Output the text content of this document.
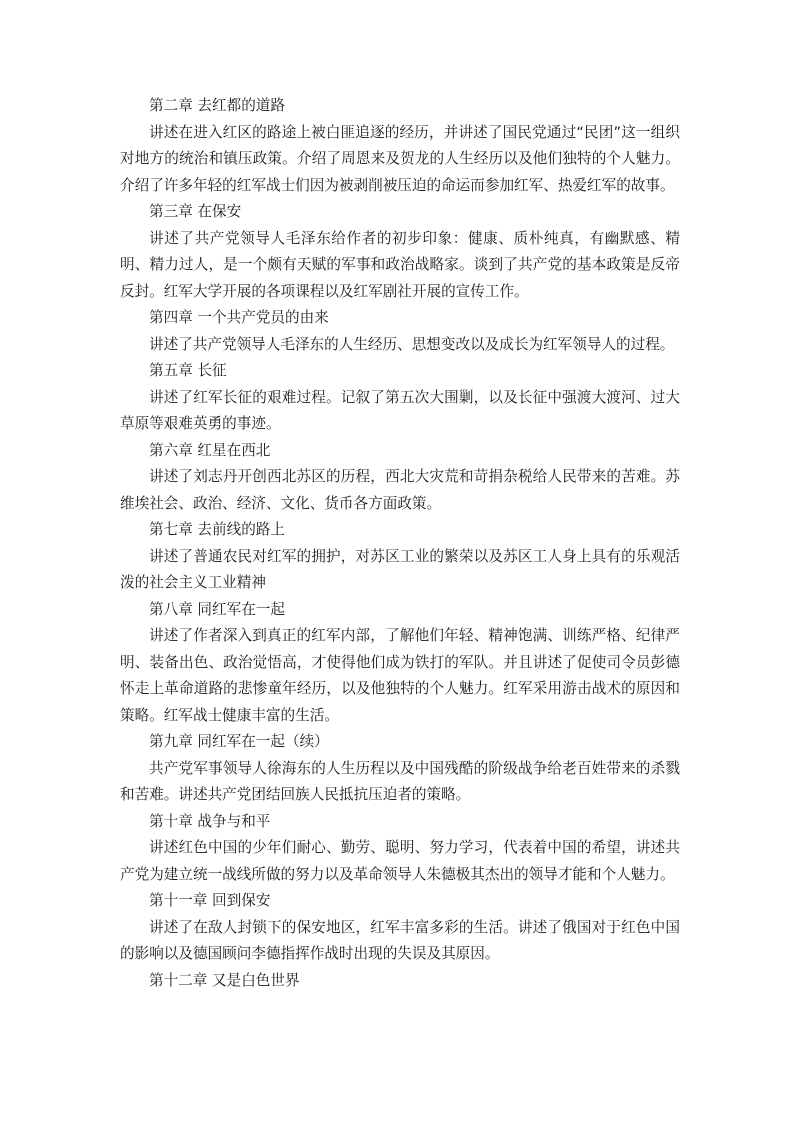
第二章 去红都的道路

讲述在进入红区的路途上被白匪追逐的经历，并讲述了国民党通过“民团”这一组织对地方的统治和镇压政策。介绍了周恩来及贺龙的人生经历以及他们独特的个人魅力。介绍了许多年轻的红军战士们因为被剥削被压迫的命运而参加红军、热爱红军的故事。

第三章 在保安

讲述了共产党领导人毛泽东给作者的初步印象：健康、质朴纯真，有幽默感、精明、精力过人，是一个颇有天赋的军事和政治战略家。谈到了共产党的基本政策是反帝反封。红军大学开展的各项课程以及红军剧社开展的宣传工作。

第四章 一个共产党员的由来

讲述了共产党领导人毛泽东的人生经历、思想变改以及成长为红军领导人的过程。

第五章 长征

讲述了红军长征的艰难过程。记叙了第五次大围剿，以及长征中强渡大渡河、过大草原等艰难英勇的事迹。

第六章 红星在西北

讲述了刘志丹开创西北苏区的历程，西北大灾荒和苛捐杂税给人民带来的苦难。苏维埃社会、政治、经济、文化、货币各方面政策。

第七章 去前线的路上

讲述了普通农民对红军的拥护，对苏区工业的繁荣以及苏区工人身上具有的乐观活泼的社会主义工业精神

第八章 同红军在一起

讲述了作者深入到真正的红军内部，了解他们年轻、精神饱满、训练严格、纪律严明、装备出色、政治觉悟高，才使得他们成为铁打的军队。并且讲述了促使司令员彭德怀走上革命道路的悲惨童年经历，以及他独特的个人魅力。红军采用游击战术的原因和策略。红军战士健康丰富的生活。

第九章 同红军在一起（续）

共产党军事领导人徐海东的人生历程以及中国残酷的阶级战争给老百姓带来的杀戮和苦难。讲述共产党团结回族人民抵抗压迫者的策略。

第十章 战争与和平

讲述红色中国的少年们耐心、勤劳、聪明、努力学习，代表着中国的希望，讲述共产党为建立统一战线所做的努力以及革命领导人朱德极其杰出的领导才能和个人魅力。

第十一章 回到保安

讲述了在敌人封锁下的保安地区，红军丰富多彩的生活。讲述了俄国对于红色中国的影响以及德国顾问李德指挥作战时出现的失误及其原因。

第十二章 又是白色世界
